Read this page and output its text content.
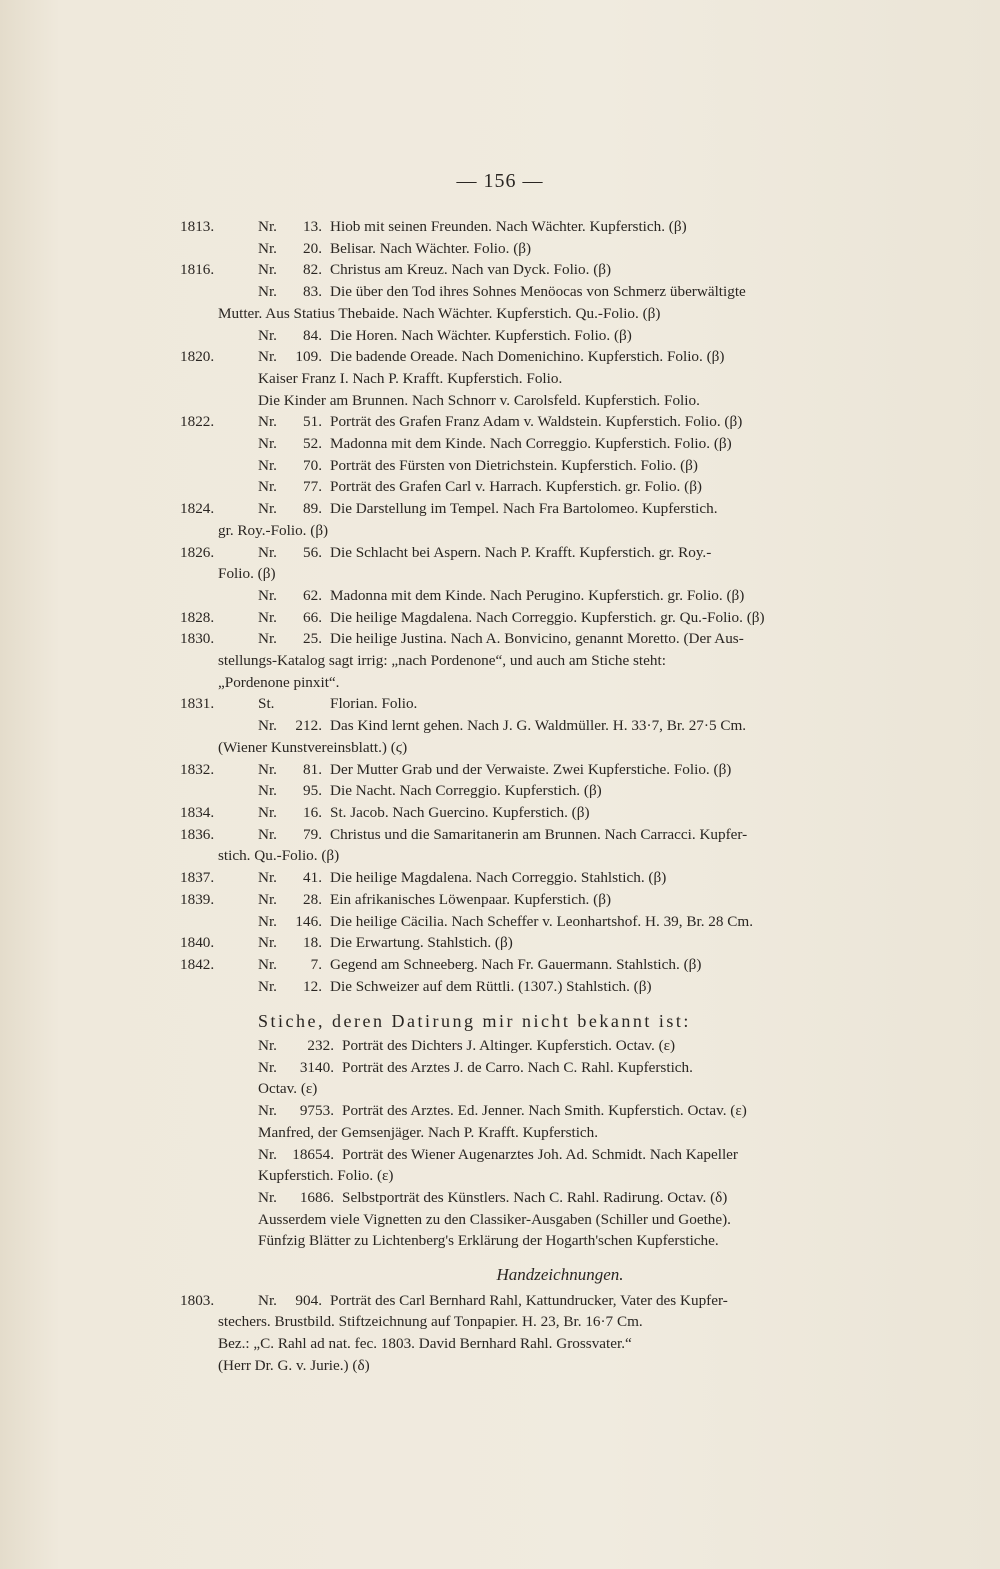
— 156 —
1813.	Nr. 13. Hiob mit seinen Freunden. Nach Wächter. Kupferstich. (β)
Nr. 20. Belisar. Nach Wächter. Folio. (β)
1816.	Nr. 82. Christus am Kreuz. Nach van Dyck. Folio. (β)
Nr. 83. Die über den Tod ihres Sohnes Menöocas von Schmerz überwältigte
Mutter. Aus Statius Thebaide. Nach Wächter. Kupferstich. Qu.-Folio. (β)
Nr. 84. Die Horen. Nach Wächter. Kupferstich. Folio. (β)
1820.	Nr. 109. Die badende Oreade. Nach Domenichino. Kupferstich. Folio. (β)
Kaiser Franz I. Nach P. Krafft. Kupferstich. Folio.
Die Kinder am Brunnen. Nach Schnorr v. Carolsfeld. Kupferstich. Folio.
1822.	Nr. 51. Porträt des Grafen Franz Adam v. Waldstein. Kupferstich. Folio. (β)
Nr. 52. Madonna mit dem Kinde. Nach Correggio. Kupferstich. Folio. (β)
Nr. 70. Porträt des Fürsten von Dietrichstein. Kupferstich. Folio. (β)
Nr. 77. Porträt des Grafen Carl v. Harrach. Kupferstich. gr. Folio. (β)
1824.	Nr. 89. Die Darstellung im Tempel. Nach Fra Bartolomeo. Kupferstich.
gr. Roy.-Folio. (β)
1826.	Nr. 56. Die Schlacht bei Aspern. Nach P. Krafft. Kupferstich. gr. Roy.-
Folio. (β)
Nr. 62. Madonna mit dem Kinde. Nach Perugino. Kupferstich. gr. Folio. (β)
1828.	Nr. 66. Die heilige Magdalena. Nach Correggio. Kupferstich. gr. Qu.-Folio. (β)
1830.	Nr. 25. Die heilige Justina. Nach A. Bonvicino, genannt Moretto. (Der Aus-
stellungs-Katalog sagt irrig: „nach Pordenone“, und auch am Stiche steht:
„Pordenone pinxit“.
1831.	St.	Florian. Folio.
Nr. 212. Das Kind lernt gehen. Nach J. G. Waldmüller. H. 33·7, Br. 27·5 Cm.
(Wiener Kunstvereinsblatt.) (ϛ)
1832.	Nr. 81. Der Mutter Grab und der Verwaiste. Zwei Kupferstiche. Folio. (β)
Nr. 95. Die Nacht. Nach Correggio. Kupferstich. (β)
1834.	Nr. 16. St. Jacob. Nach Guercino. Kupferstich. (β)
1836.	Nr. 79. Christus und die Samaritanerin am Brunnen. Nach Carracci. Kupfer-
stich. Qu.-Folio. (β)
1837.	Nr. 41. Die heilige Magdalena. Nach Correggio. Stahlstich. (β)
1839.	Nr. 28. Ein afrikanisches Löwenpaar. Kupferstich. (β)
Nr. 146. Die heilige Cäcilia. Nach Scheffer v. Leonhartshof. H. 39, Br. 28 Cm.
1840.	Nr. 18. Die Erwartung. Stahlstich. (β)
1842.	Nr. 7. Gegend am Schneeberg. Nach Fr. Gauermann. Stahlstich. (β)
Nr. 12. Die Schweizer auf dem Rüttli. (1307.) Stahlstich. (β)
Stiche, deren Datirung mir nicht bekannt ist:
Nr. 232. Porträt des Dichters J. Altinger. Kupferstich. Octav. (ε)
Nr. 3140. Porträt des Arztes J. de Carro. Nach C. Rahl. Kupferstich.
Octav. (ε)
Nr. 9753. Porträt des Arztes. Ed. Jenner. Nach Smith. Kupferstich. Octav. (ε)
Manfred, der Gemsenjäger. Nach P. Krafft. Kupferstich.
Nr. 18654. Porträt des Wiener Augenarztes Joh. Ad. Schmidt. Nach Kapeller
Kupferstich. Folio. (ε)
Nr. 1686. Selbstporträt des Künstlers. Nach C. Rahl. Radirung. Octav. (δ)
Ausserdem viele Vignetten zu den Classiker-Ausgaben (Schiller und Goethe).
Fünfzig Blätter zu Lichtenberg's Erklärung der Hogarth'schen Kupferstiche.
Handzeichnungen.
1803.	Nr. 904. Porträt des Carl Bernhard Rahl, Kattundrucker, Vater des Kupfer-
stechers. Brustbild. Stiftzeichnung auf Tonpapier. H. 23, Br. 16·7 Cm.
Bez.: „C. Rahl ad nat. fec. 1803. David Bernhard Rahl. Grossvater.“
(Herr Dr. G. v. Jurie.) (δ)
